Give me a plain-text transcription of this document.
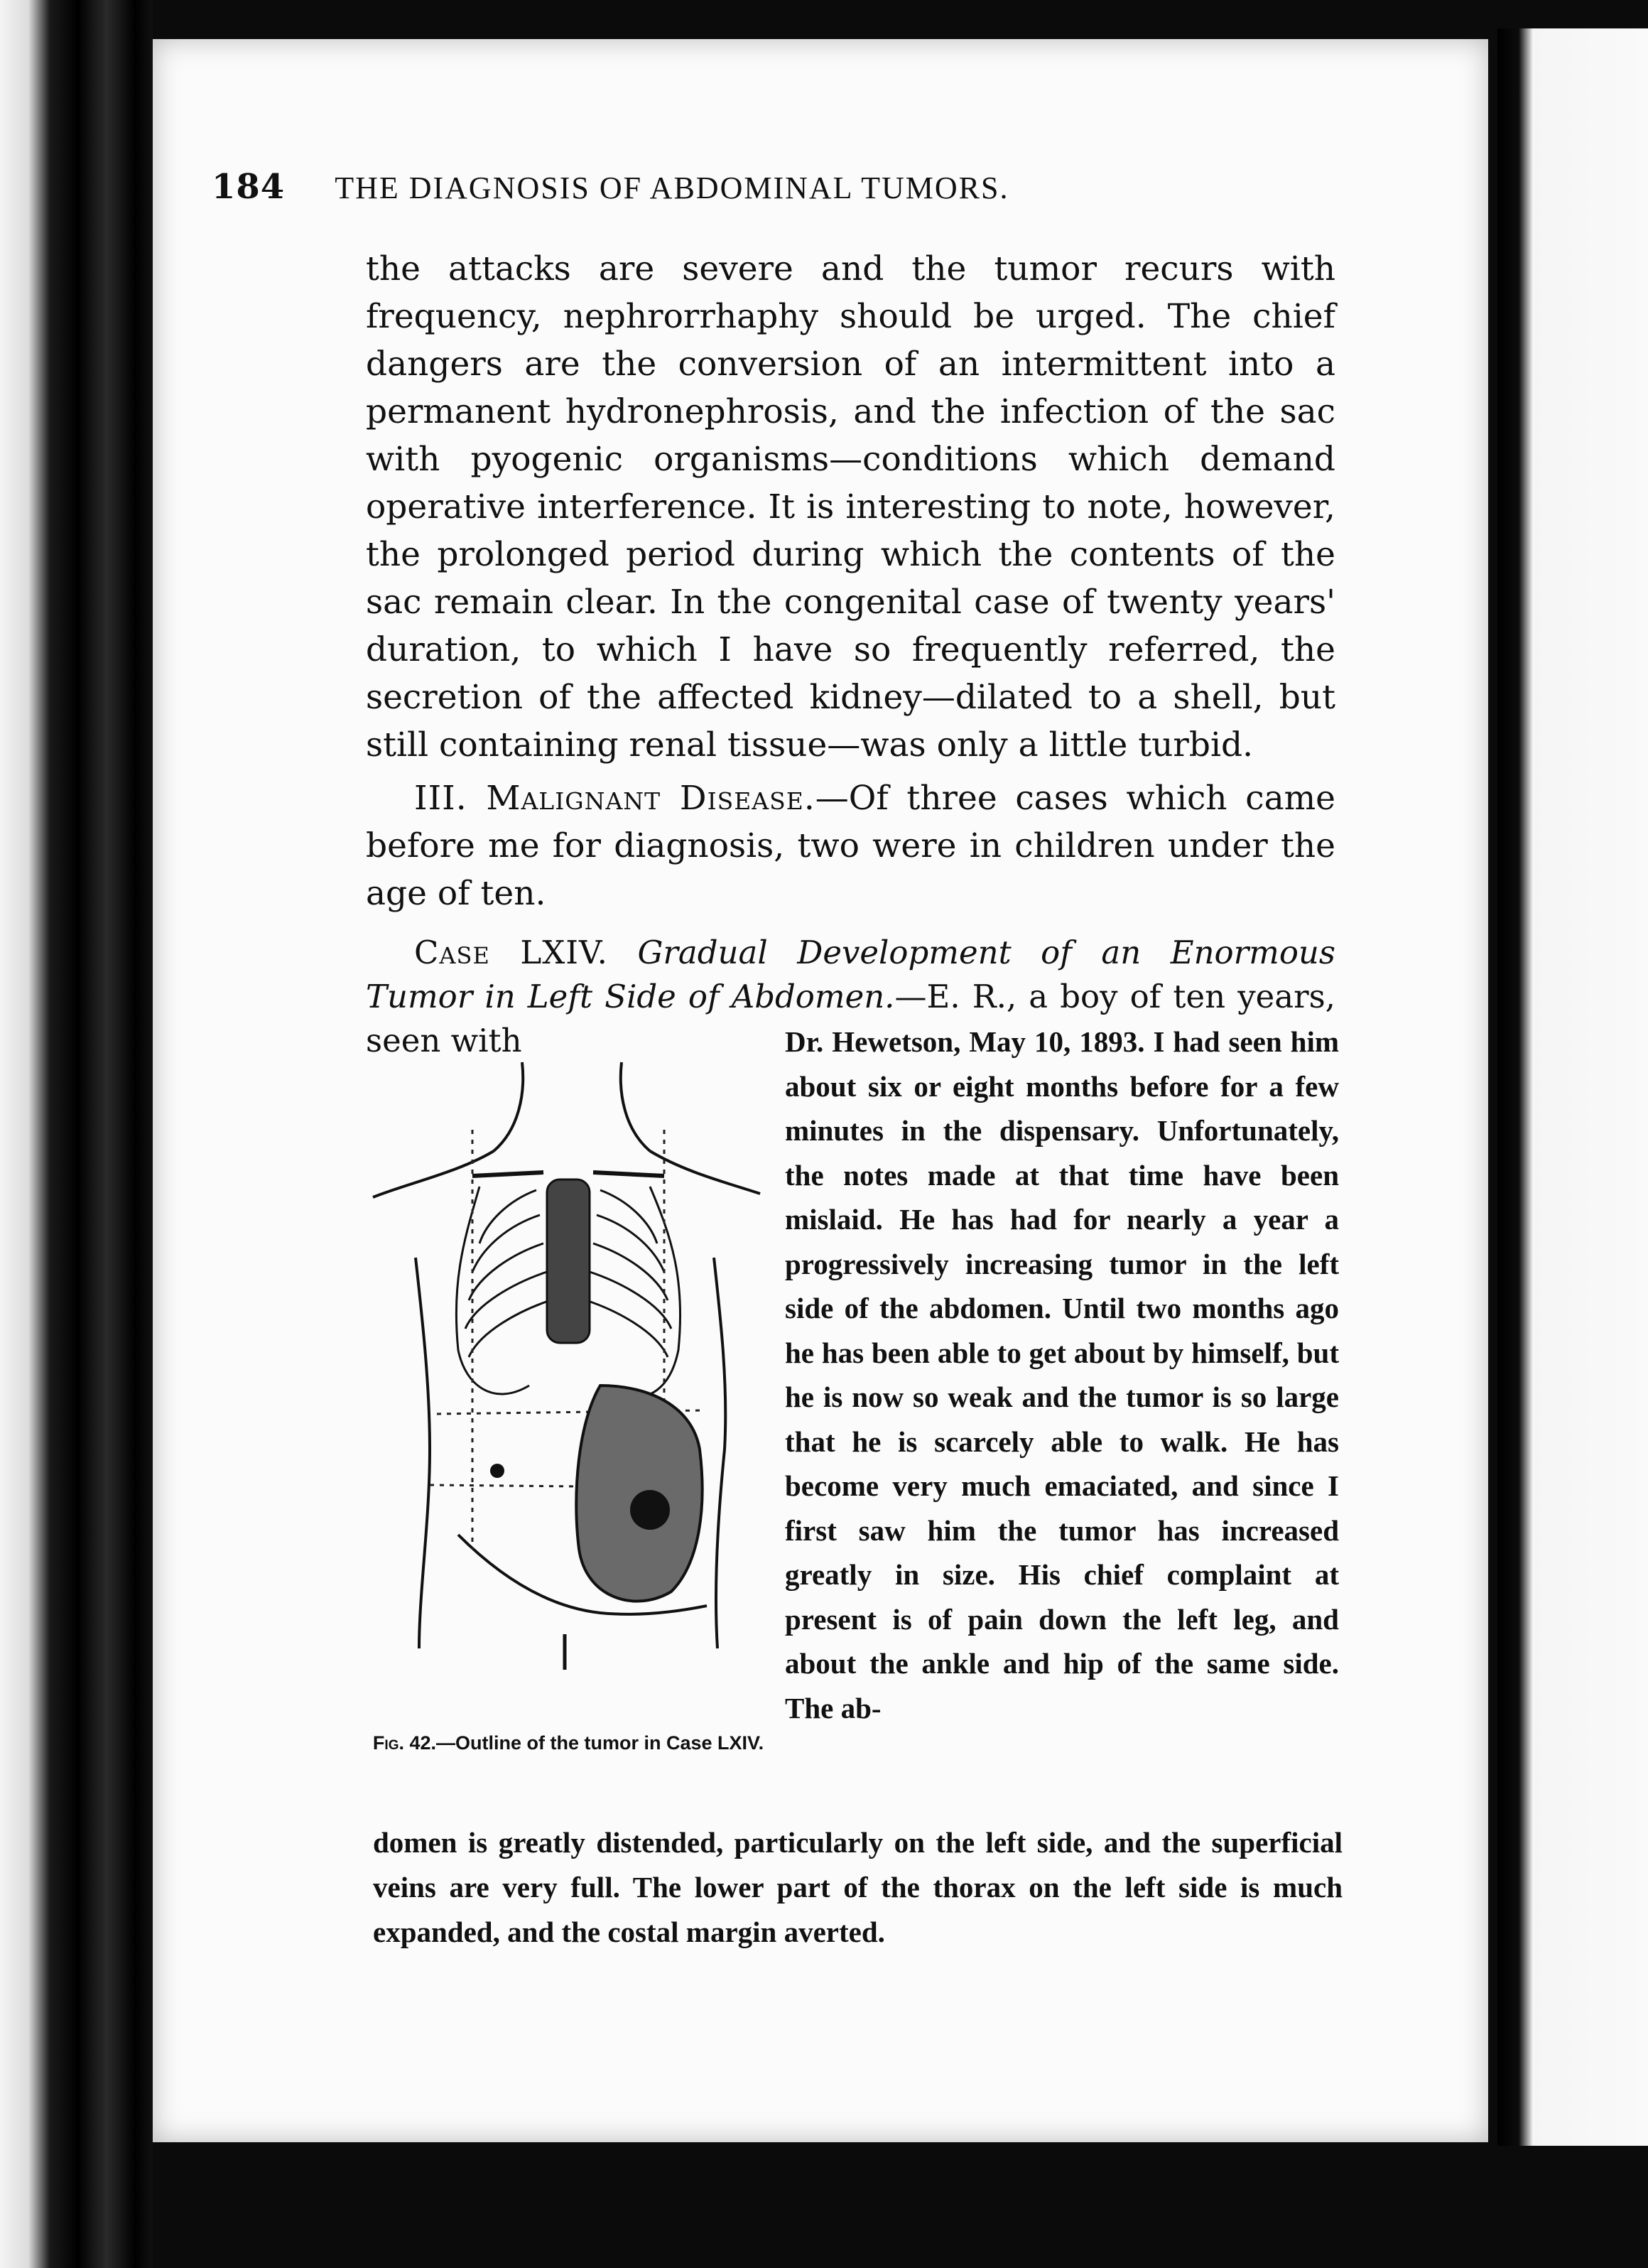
184 THE DIAGNOSIS OF ABDOMINAL TUMORS.

the attacks are severe and the tumor recurs with frequency, nephrorrhaphy should be urged. The chief dangers are the conversion of an intermittent into a permanent hydronephrosis, and the infection of the sac with pyogenic organisms—conditions which demand operative interference. It is interesting to note, however, the prolonged period during which the contents of the sac remain clear. In the congenital case of twenty years' duration, to which I have so frequently referred, the secretion of the affected kidney—dilated to a shell, but still containing renal tissue—was only a little turbid.

III. Malignant Disease.—Of three cases which came before me for diagnosis, two were in children under the age of ten.

Case LXIV. Gradual Development of an Enormous Tumor in Left Side of Abdomen.—E. R., a boy of ten years, seen with

Fig. 42.—Outline of the tumor in Case LXIV.
Dr. Hewetson, May 10, 1893. I had seen him about six or eight months before for a few minutes in the dispensary. Unfortunately, the notes made at that time have been mislaid. He has had for nearly a year a progressively increasing tumor in the left side of the abdomen. Until two months ago he has been able to get about by himself, but he is now so weak and the tumor is so large that he is scarcely able to walk. He has become very much emaciated, and since I first saw him the tumor has increased greatly in size. His chief complaint at present is of pain down the left leg, and about the ankle and hip of the same side. The ab-
domen is greatly distended, particularly on the left side, and the superficial veins are very full. The lower part of the thorax on the left side is much expanded, and the costal margin averted.
